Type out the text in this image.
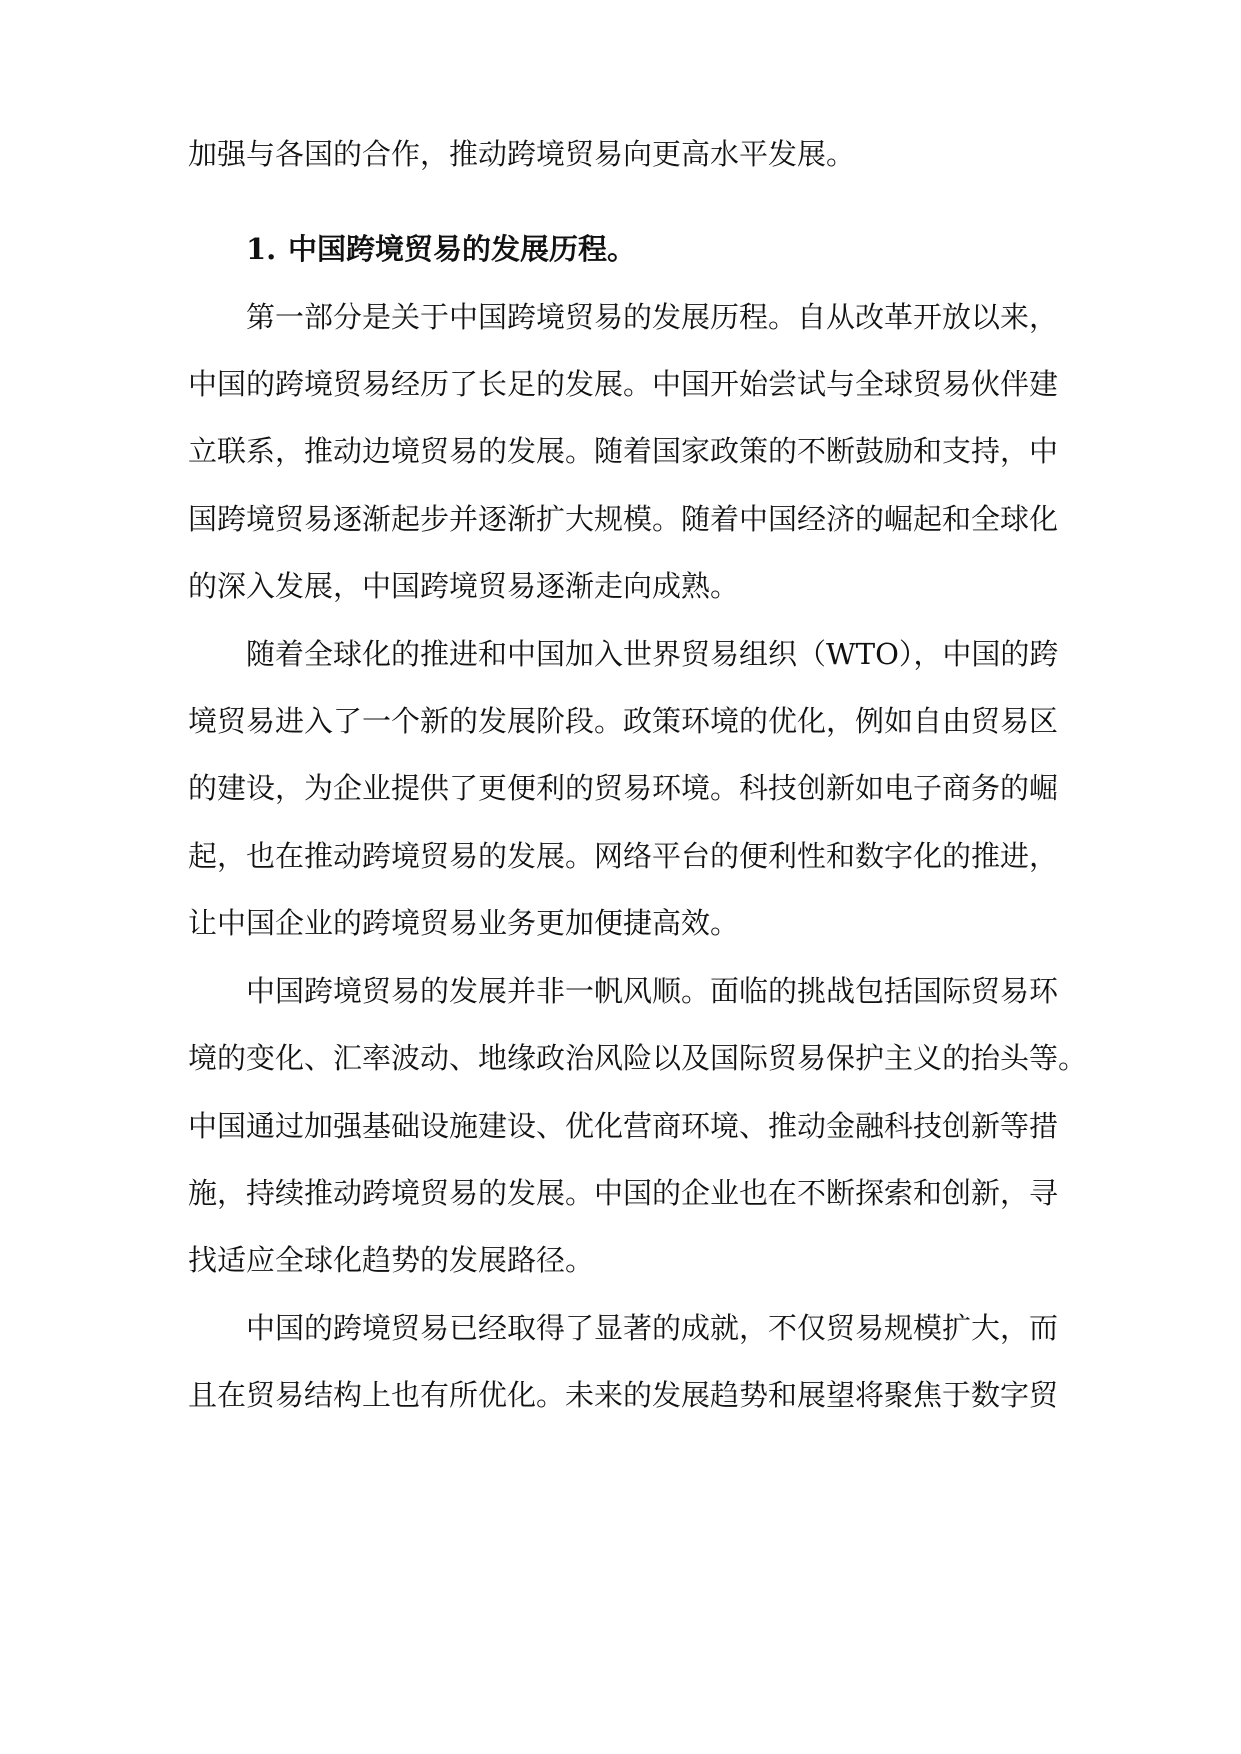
加强与各国的合作，推动跨境贸易向更高水平发展。
1. 中国跨境贸易的发展历程。
第一部分是关于中国跨境贸易的发展历程。自从改革开放以来，
中国的跨境贸易经历了长足的发展。中国开始尝试与全球贸易伙伴建
立联系，推动边境贸易的发展。随着国家政策的不断鼓励和支持，中
国跨境贸易逐渐起步并逐渐扩大规模。随着中国经济的崛起和全球化
的深入发展，中国跨境贸易逐渐走向成熟。
随着全球化的推进和中国加入世界贸易组织（WTO），中国的跨
境贸易进入了一个新的发展阶段。政策环境的优化，例如自由贸易区
的建设，为企业提供了更便利的贸易环境。科技创新如电子商务的崛
起，也在推动跨境贸易的发展。网络平台的便利性和数字化的推进，
让中国企业的跨境贸易业务更加便捷高效。
中国跨境贸易的发展并非一帆风顺。面临的挑战包括国际贸易环
境的变化、汇率波动、地缘政治风险以及国际贸易保护主义的抬头等。
中国通过加强基础设施建设、优化营商环境、推动金融科技创新等措
施，持续推动跨境贸易的发展。中国的企业也在不断探索和创新，寻
找适应全球化趋势的发展路径。
中国的跨境贸易已经取得了显著的成就，不仅贸易规模扩大，而
且在贸易结构上也有所优化。未来的发展趋势和展望将聚焦于数字贸
